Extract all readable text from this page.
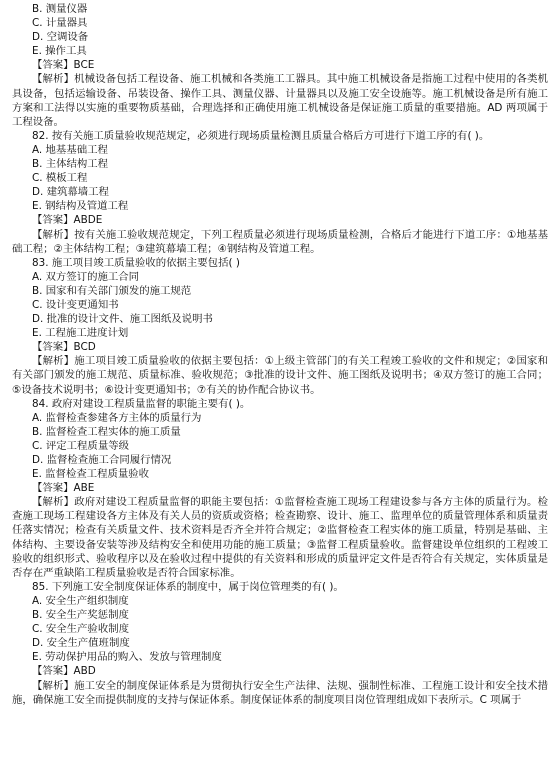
B. 测量仪器
C. 计量器具
D. 空调设备
E. 操作工具
【答案】BCE
【解析】机械设备包括工程设备、施工机械和各类施工工器具。其中施工机械设备是指施工过程中使用的各类机具设备，包括运输设备、吊装设备、操作工具、测量仪器、计量器具以及施工安全设施等。施工机械设备是所有施工方案和工法得以实施的重要物质基础，合理选择和正确使用施工机械设备是保证施工质量的重要措施。AD 两项属于工程设备。
82. 按有关施工质量验收规范规定，必须进行现场质量检测且质量合格后方可进行下道工序的有( )。
A. 地基基础工程
B. 主体结构工程
C. 模板工程
D. 建筑幕墙工程
E. 钢结构及管道工程
【答案】ABDE
【解析】按有关施工验收规范规定，下列工程质量必须进行现场质量检测，合格后才能进行下道工序：①地基基础工程；②主体结构工程；③建筑幕墙工程；④钢结构及管道工程。
83. 施工项目竣工质量验收的依据主要包括( )
A. 双方签订的施工合同
B. 国家和有关部门颁发的施工规范
C. 设计变更通知书
D. 批准的设计文件、施工图纸及说明书
E. 工程施工进度计划
【答案】BCD
【解析】施工项目竣工质量验收的依据主要包括：①上级主管部门的有关工程竣工验收的文件和规定；②国家和有关部门颁发的施工规范、质量标准、验收规范；③批准的设计文件、施工图纸及说明书；④双方签订的施工合同；⑤设备技术说明书；⑥设计变更通知书；⑦有关的协作配合协议书。
84. 政府对建设工程质量监督的职能主要有( )。
A. 监督检查参建各方主体的质量行为
B. 监督检查工程实体的施工质量
C. 评定工程质量等级
D. 监督检查施工合同履行情况
E. 监督检查工程质量验收
【答案】ABE
【解析】政府对建设工程质量监督的职能主要包括：①监督检查施工现场工程建设参与各方主体的质量行为。检查施工现场工程建设各方主体及有关人员的资质或资格；检查勘察、设计、施工、监理单位的质量管理体系和质量责任落实情况；检查有关质量文件、技术资料是否齐全并符合规定；②监督检查工程实体的施工质量，特别是基础、主体结构、主要设备安装等涉及结构安全和使用功能的施工质量；③监督工程质量验收。监督建设单位组织的工程竣工验收的组织形式、验收程序以及在验收过程中提供的有关资料和形成的质量评定文件是否符合有关规定，实体质量是否存在严重缺陷工程质量验收是否符合国家标准。
85. 下列施工安全制度保证体系的制度中，属于岗位管理类的有( )。
A. 安全生产组织制度
B. 安全生产奖惩制度
C. 安全生产验收制度
D. 安全生产值班制度
E. 劳动保护用品的购入、发放与管理制度
【答案】ABD
【解析】施工安全的制度保证体系是为贯彻执行安全生产法律、法规、强制性标准、工程施工设计和安全技术措施，确保施工安全而提供制度的支持与保证体系。制度保证体系的制度项目岗位管理组成如下表所示。C 项属于
